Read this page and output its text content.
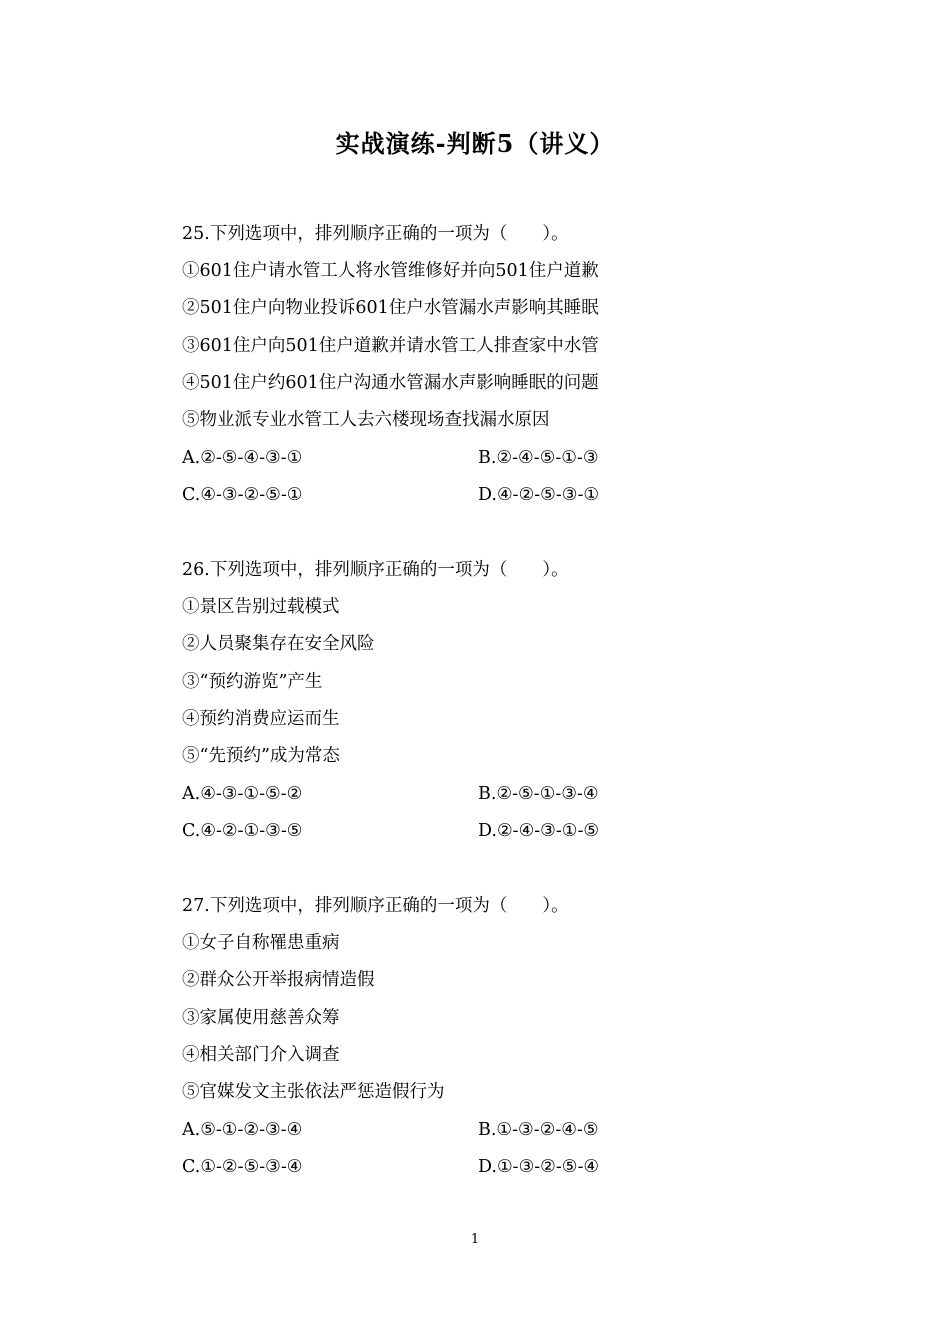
实战演练-判断5（讲义）
25.下列选项中，排列顺序正确的一项为（　　）。
①601住户请水管工人将水管维修好并向501住户道歉
②501住户向物业投诉601住户水管漏水声影响其睡眠
③601住户向501住户道歉并请水管工人排查家中水管
④501住户约601住户沟通水管漏水声影响睡眠的问题
⑤物业派专业水管工人去六楼现场查找漏水原因
A.②-⑤-④-③-①	B.②-④-⑤-①-③
C.④-③-②-⑤-①	D.④-②-⑤-③-①
26.下列选项中，排列顺序正确的一项为（　　）。
①景区告别过载模式
②人员聚集存在安全风险
③“预约游览”产生
④预约消费应运而生
⑤“先预约”成为常态
A.④-③-①-⑤-②	B.②-⑤-①-③-④
C.④-②-①-③-⑤	D.②-④-③-①-⑤
27.下列选项中，排列顺序正确的一项为（　　）。
①女子自称罹患重病
②群众公开举报病情造假
③家属使用慈善众筹
④相关部门介入调查
⑤官媒发文主张依法严惩造假行为
A.⑤-①-②-③-④	B.①-③-②-④-⑤
C.①-②-⑤-③-④	D.①-③-②-⑤-④
1
